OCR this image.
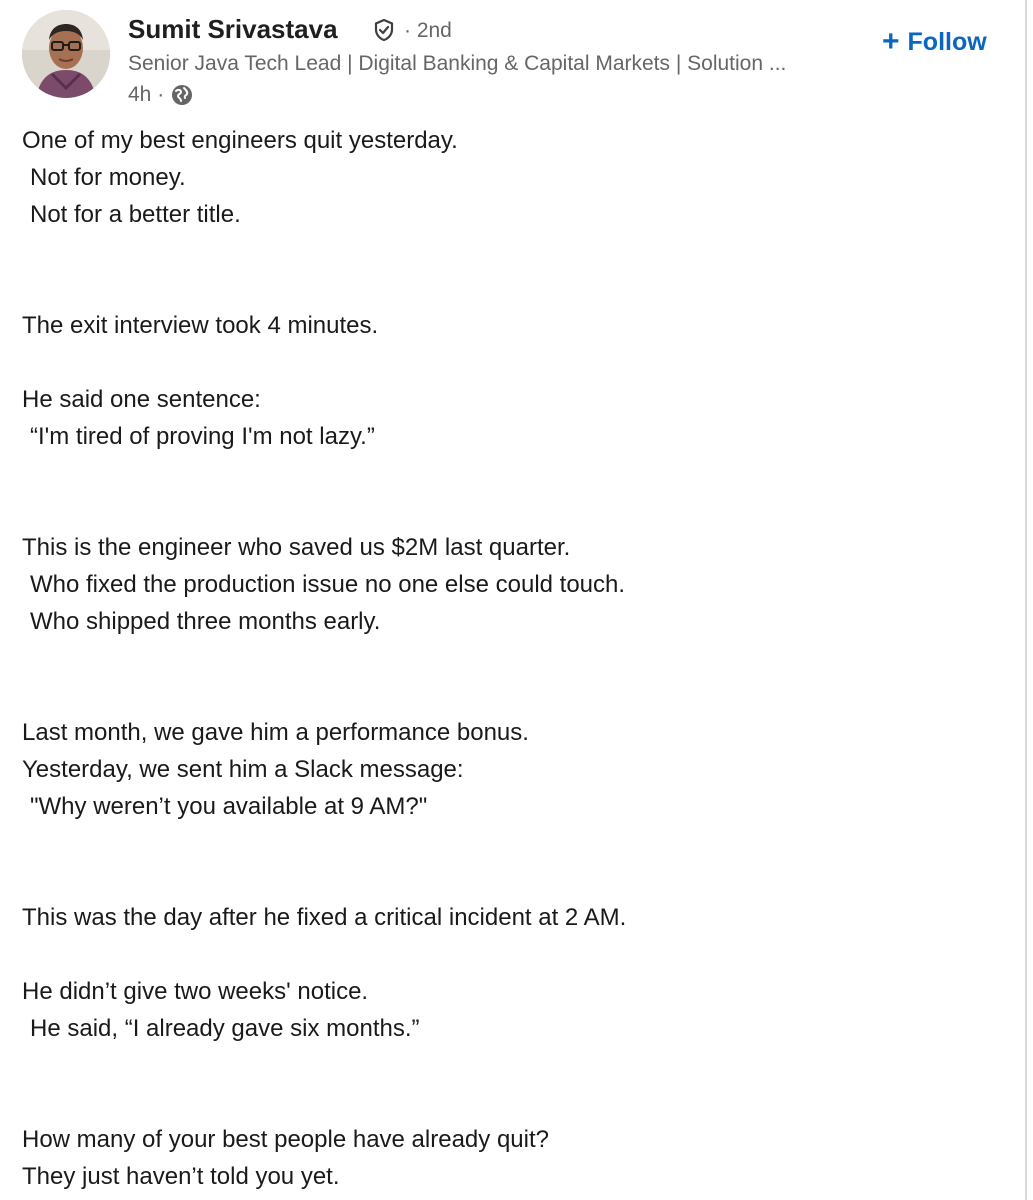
Sumit Srivastava	· 2nd
Senior Java Tech Lead | Digital Banking & Capital Markets | Solution ...
4h ·
+ Follow
One of my best engineers quit yesterday.
Not for money.
Not for a better title.
The exit interview took 4 minutes.
He said one sentence:
“I'm tired of proving I'm not lazy.”
This is the engineer who saved us $2M last quarter.
Who fixed the production issue no one else could touch.
Who shipped three months early.
Last month, we gave him a performance bonus.
Yesterday, we sent him a Slack message:
"Why weren’t you available at 9 AM?"
This was the day after he fixed a critical incident at 2 AM.
He didn’t give two weeks' notice.
He said, “I already gave six months.”
How many of your best people have already quit?
They just haven’t told you yet.
